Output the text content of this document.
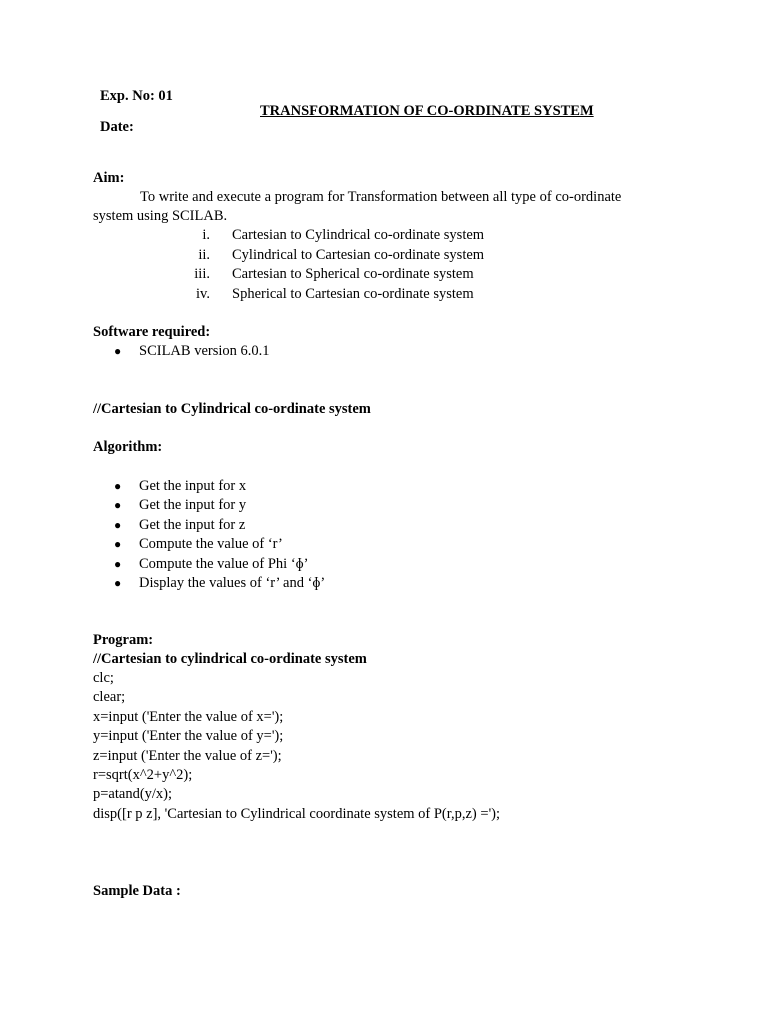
Exp. No: 01
TRANSFORMATION OF CO-ORDINATE SYSTEM
Date:
Aim:
To write and execute a program for Transformation between all type of co-ordinate
system using SCILAB.
i. Cartesian to Cylindrical co-ordinate system
ii. Cylindrical to Cartesian co-ordinate system
iii. Cartesian to Spherical co-ordinate system
iv. Spherical to Cartesian co-ordinate system
Software required:
● SCILAB version 6.0.1
//Cartesian to Cylindrical co-ordinate system
Algorithm:
● Get the input for x
● Get the input for y
● Get the input for z
● Compute the value of ‘r’
● Compute the value of Phi ‘ɸ’
● Display the values of ‘r’ and ‘ɸ’
Program:
//Cartesian to cylindrical co-ordinate system
clc;
clear;
x=input ('Enter the value of x=');
y=input ('Enter the value of y=');
z=input ('Enter the value of z=');
r=sqrt(x^2+y^2);
p=atand(y/x);
disp([r p z], 'Cartesian to Cylindrical coordinate system of P(r,p,z) =');
Sample Data :
